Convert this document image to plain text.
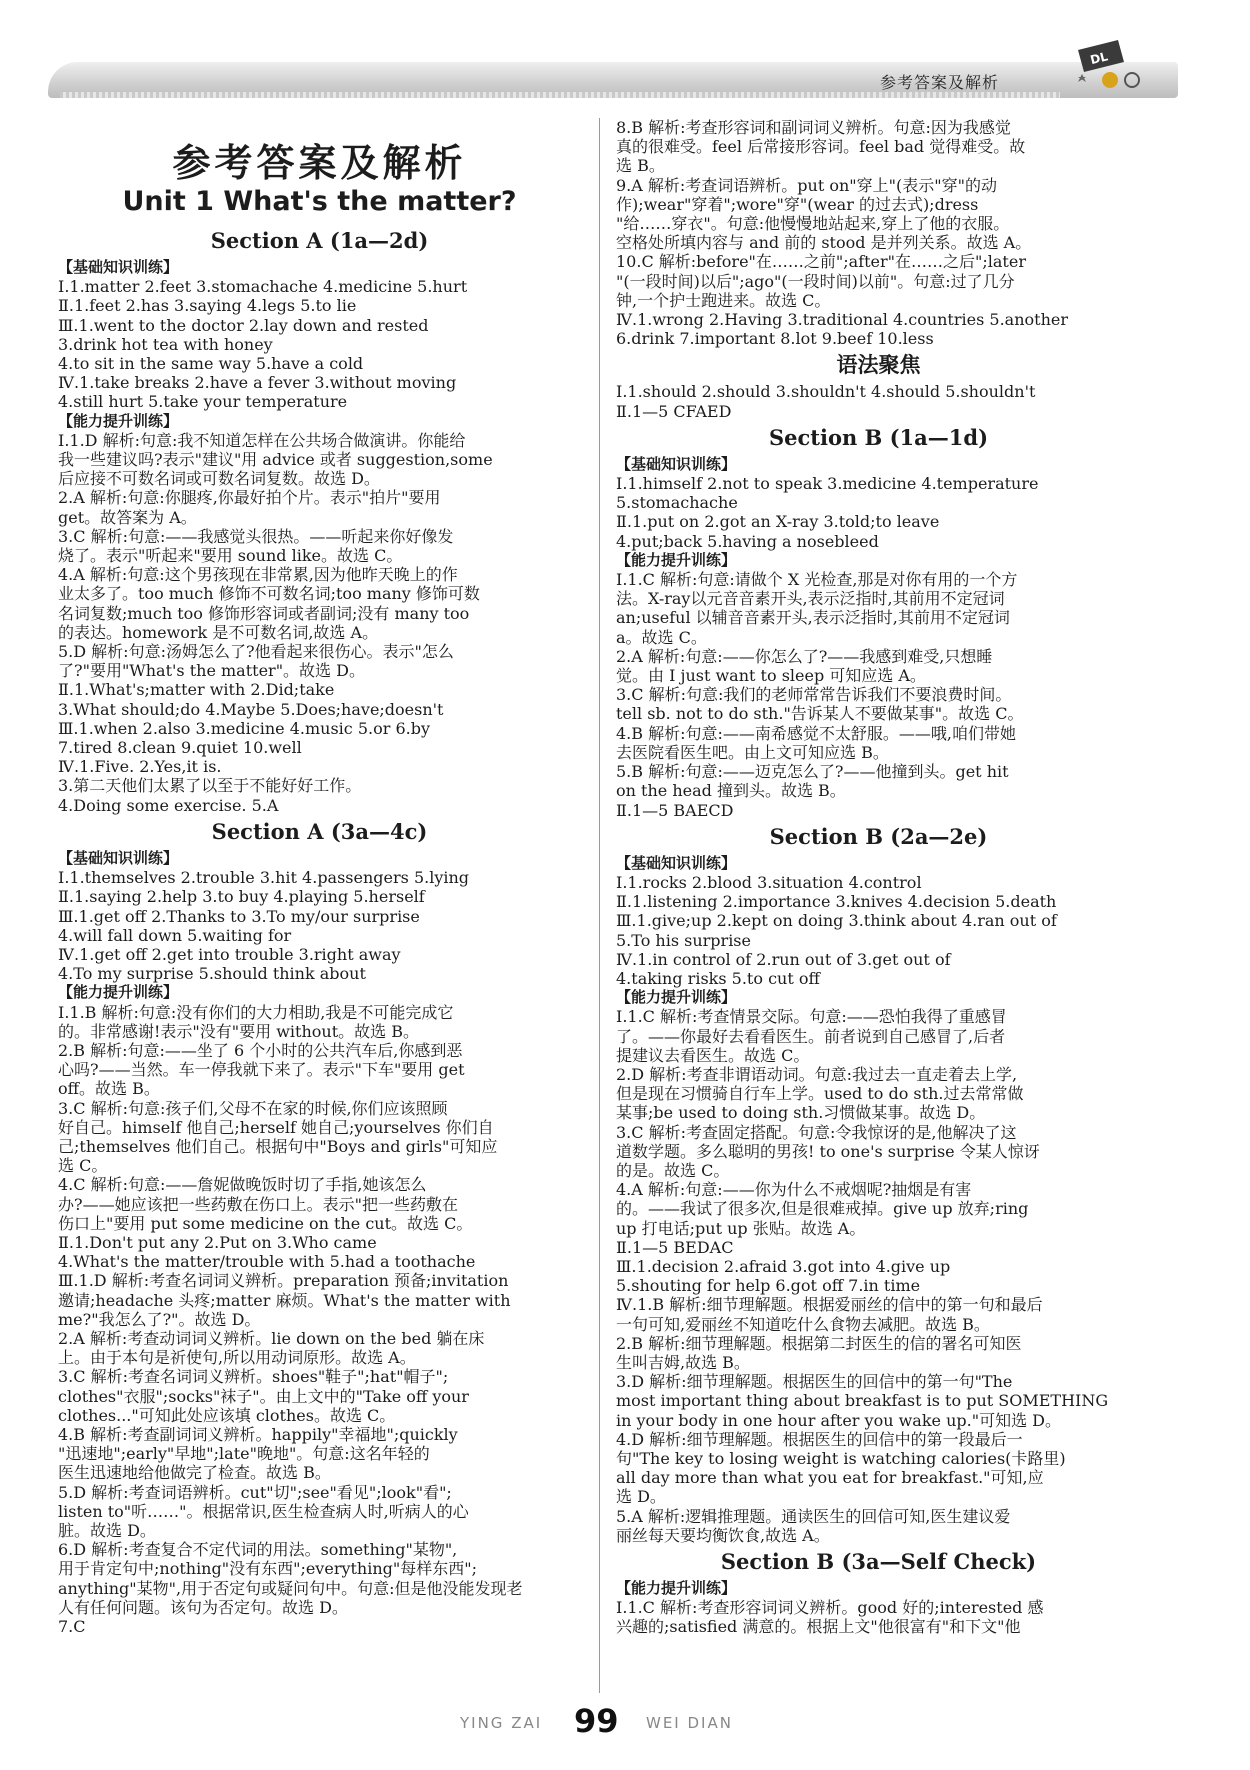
参考答案及解析
DL
参考答案及解析
Unit 1 What's the matter?
Section A (1a—2d)
【基础知识训练】
Ⅰ.1.matter 2.feet 3.stomachache 4.medicine 5.hurt
Ⅱ.1.feet 2.has 3.saying 4.legs 5.to lie
Ⅲ.1.went to the doctor 2.lay down and rested
3.drink hot tea with honey
4.to sit in the same way 5.have a cold
Ⅳ.1.take breaks 2.have a fever 3.without moving
4.still hurt 5.take your temperature
【能力提升训练】
Ⅰ.1.D 解析:句意:我不知道怎样在公共场合做演讲。你能给
我一些建议吗?表示"建议"用 advice 或者 suggestion,some
后应接不可数名词或可数名词复数。故选 D。
2.A 解析:句意:你腿疼,你最好拍个片。表示"拍片"要用
get。故答案为 A。
3.C 解析:句意:——我感觉头很热。——听起来你好像发
烧了。表示"听起来"要用 sound like。故选 C。
4.A 解析:句意:这个男孩现在非常累,因为他昨天晚上的作
业太多了。too much 修饰不可数名词;too many 修饰可数
名词复数;much too 修饰形容词或者副词;没有 many too
的表达。homework 是不可数名词,故选 A。
5.D 解析:句意:汤姆怎么了?他看起来很伤心。表示"怎么
了?"要用"What's the matter"。故选 D。
Ⅱ.1.What's;matter with 2.Did;take
3.What should;do 4.Maybe 5.Does;have;doesn't
Ⅲ.1.when 2.also 3.medicine 4.music 5.or 6.by
7.tired 8.clean 9.quiet 10.well
Ⅳ.1.Five. 2.Yes,it is.
3.第二天他们太累了以至于不能好好工作。
4.Doing some exercise. 5.A
Section A (3a—4c)
【基础知识训练】
Ⅰ.1.themselves 2.trouble 3.hit 4.passengers 5.lying
Ⅱ.1.saying 2.help 3.to buy 4.playing 5.herself
Ⅲ.1.get off 2.Thanks to 3.To my/our surprise
4.will fall down 5.waiting for
Ⅳ.1.get off 2.get into trouble 3.right away
4.To my surprise 5.should think about
【能力提升训练】
Ⅰ.1.B 解析:句意:没有你们的大力相助,我是不可能完成它
的。非常感谢!表示"没有"要用 without。故选 B。
2.B 解析:句意:——坐了 6 个小时的公共汽车后,你感到恶
心吗?——当然。车一停我就下来了。表示"下车"要用 get
off。故选 B。
3.C 解析:句意:孩子们,父母不在家的时候,你们应该照顾
好自己。himself 他自己;herself 她自己;yourselves 你们自
己;themselves 他们自己。根据句中"Boys and girls"可知应
选 C。
4.C 解析:句意:——詹妮做晚饭时切了手指,她该怎么
办?——她应该把一些药敷在伤口上。表示"把一些药敷在
伤口上"要用 put some medicine on the cut。故选 C。
Ⅱ.1.Don't put any 2.Put on 3.Who came
4.What's the matter/trouble with 5.had a toothache
Ⅲ.1.D 解析:考查名词词义辨析。preparation 预备;invitation
邀请;headache 头疼;matter 麻烦。What's the matter with
me?"我怎么了?"。故选 D。
2.A 解析:考查动词词义辨析。lie down on the bed 躺在床
上。由于本句是祈使句,所以用动词原形。故选 A。
3.C 解析:考查名词词义辨析。shoes"鞋子";hat"帽子";
clothes"衣服";socks"袜子"。由上文中的"Take off your
clothes..."可知此处应该填 clothes。故选 C。
4.B 解析:考查副词词义辨析。happily"幸福地";quickly
"迅速地";early"早地";late"晚地"。句意:这名年轻的
医生迅速地给他做完了检查。故选 B。
5.D 解析:考查词语辨析。cut"切";see"看见";look"看";
listen to"听……"。根据常识,医生检查病人时,听病人的心
脏。故选 D。
6.D 解析:考查复合不定代词的用法。something"某物",
用于肯定句中;nothing"没有东西";everything"每样东西";
anything"某物",用于否定句或疑问句中。句意:但是他没能发现老
人有任何问题。该句为否定句。故选 D。
7.C
8.B 解析:考查形容词和副词词义辨析。句意:因为我感觉
真的很难受。feel 后常接形容词。feel bad 觉得难受。故
选 B。
9.A 解析:考查词语辨析。put on"穿上"(表示"穿"的动
作);wear"穿着";wore"穿"(wear 的过去式);dress
"给……穿衣"。句意:他慢慢地站起来,穿上了他的衣服。
空格处所填内容与 and 前的 stood 是并列关系。故选 A。
10.C 解析:before"在……之前";after"在……之后";later
"(一段时间)以后";ago"(一段时间)以前"。句意:过了几分
钟,一个护士跑进来。故选 C。
Ⅳ.1.wrong 2.Having 3.traditional 4.countries 5.another
6.drink 7.important 8.lot 9.beef 10.less
语法聚焦
Ⅰ.1.should 2.should 3.shouldn't 4.should 5.shouldn't
Ⅱ.1—5 CFAED
Section B (1a—1d)
【基础知识训练】
Ⅰ.1.himself 2.not to speak 3.medicine 4.temperature
5.stomachache
Ⅱ.1.put on 2.got an X-ray 3.told;to leave
4.put;back 5.having a nosebleed
【能力提升训练】
Ⅰ.1.C 解析:句意:请做个 X 光检查,那是对你有用的一个方
法。X-ray以元音音素开头,表示泛指时,其前用不定冠词
an;useful 以辅音音素开头,表示泛指时,其前用不定冠词
a。故选 C。
2.A 解析:句意:——你怎么了?——我感到难受,只想睡
觉。由 I just want to sleep 可知应选 A。
3.C 解析:句意:我们的老师常常告诉我们不要浪费时间。
tell sb. not to do sth."告诉某人不要做某事"。故选 C。
4.B 解析:句意:——南希感觉不太舒服。——哦,咱们带她
去医院看医生吧。由上文可知应选 B。
5.B 解析:句意:——迈克怎么了?——他撞到头。get hit
on the head 撞到头。故选 B。
Ⅱ.1—5 BAECD
Section B (2a—2e)
【基础知识训练】
Ⅰ.1.rocks 2.blood 3.situation 4.control
Ⅱ.1.listening 2.importance 3.knives 4.decision 5.death
Ⅲ.1.give;up 2.kept on doing 3.think about 4.ran out of
5.To his surprise
Ⅳ.1.in control of 2.run out of 3.get out of
4.taking risks 5.to cut off
【能力提升训练】
Ⅰ.1.C 解析:考查情景交际。句意:——恐怕我得了重感冒
了。——你最好去看看医生。前者说到自己感冒了,后者
提建议去看医生。故选 C。
2.D 解析:考查非谓语动词。句意:我过去一直走着去上学,
但是现在习惯骑自行车上学。used to do sth.过去常常做
某事;be used to doing sth.习惯做某事。故选 D。
3.C 解析:考查固定搭配。句意:令我惊讶的是,他解决了这
道数学题。多么聪明的男孩! to one's surprise 令某人惊讶
的是。故选 C。
4.A 解析:句意:——你为什么不戒烟呢?抽烟是有害
的。——我试了很多次,但是很难戒掉。give up 放弃;ring
up 打电话;put up 张贴。故选 A。
Ⅱ.1—5 BEDAC
Ⅲ.1.decision 2.afraid 3.got into 4.give up
5.shouting for help 6.got off 7.in time
Ⅳ.1.B 解析:细节理解题。根据爱丽丝的信中的第一句和最后
一句可知,爱丽丝不知道吃什么食物去减肥。故选 B。
2.B 解析:细节理解题。根据第二封医生的信的署名可知医
生叫吉姆,故选 B。
3.D 解析:细节理解题。根据医生的回信中的第一句"The
most important thing about breakfast is to put SOMETHING
in your body in one hour after you wake up."可知选 D。
4.D 解析:细节理解题。根据医生的回信中的第一段最后一
句"The key to losing weight is watching calories(卡路里)
all day more than what you eat for breakfast."可知,应
选 D。
5.A 解析:逻辑推理题。通读医生的回信可知,医生建议爱
丽丝每天要均衡饮食,故选 A。
Section B (3a—Self Check)
【能力提升训练】
Ⅰ.1.C 解析:考查形容词词义辨析。good 好的;interested 感
兴趣的;satisfied 满意的。根据上文"他很富有"和下文"他
YING ZAI 99 WEI DIAN
